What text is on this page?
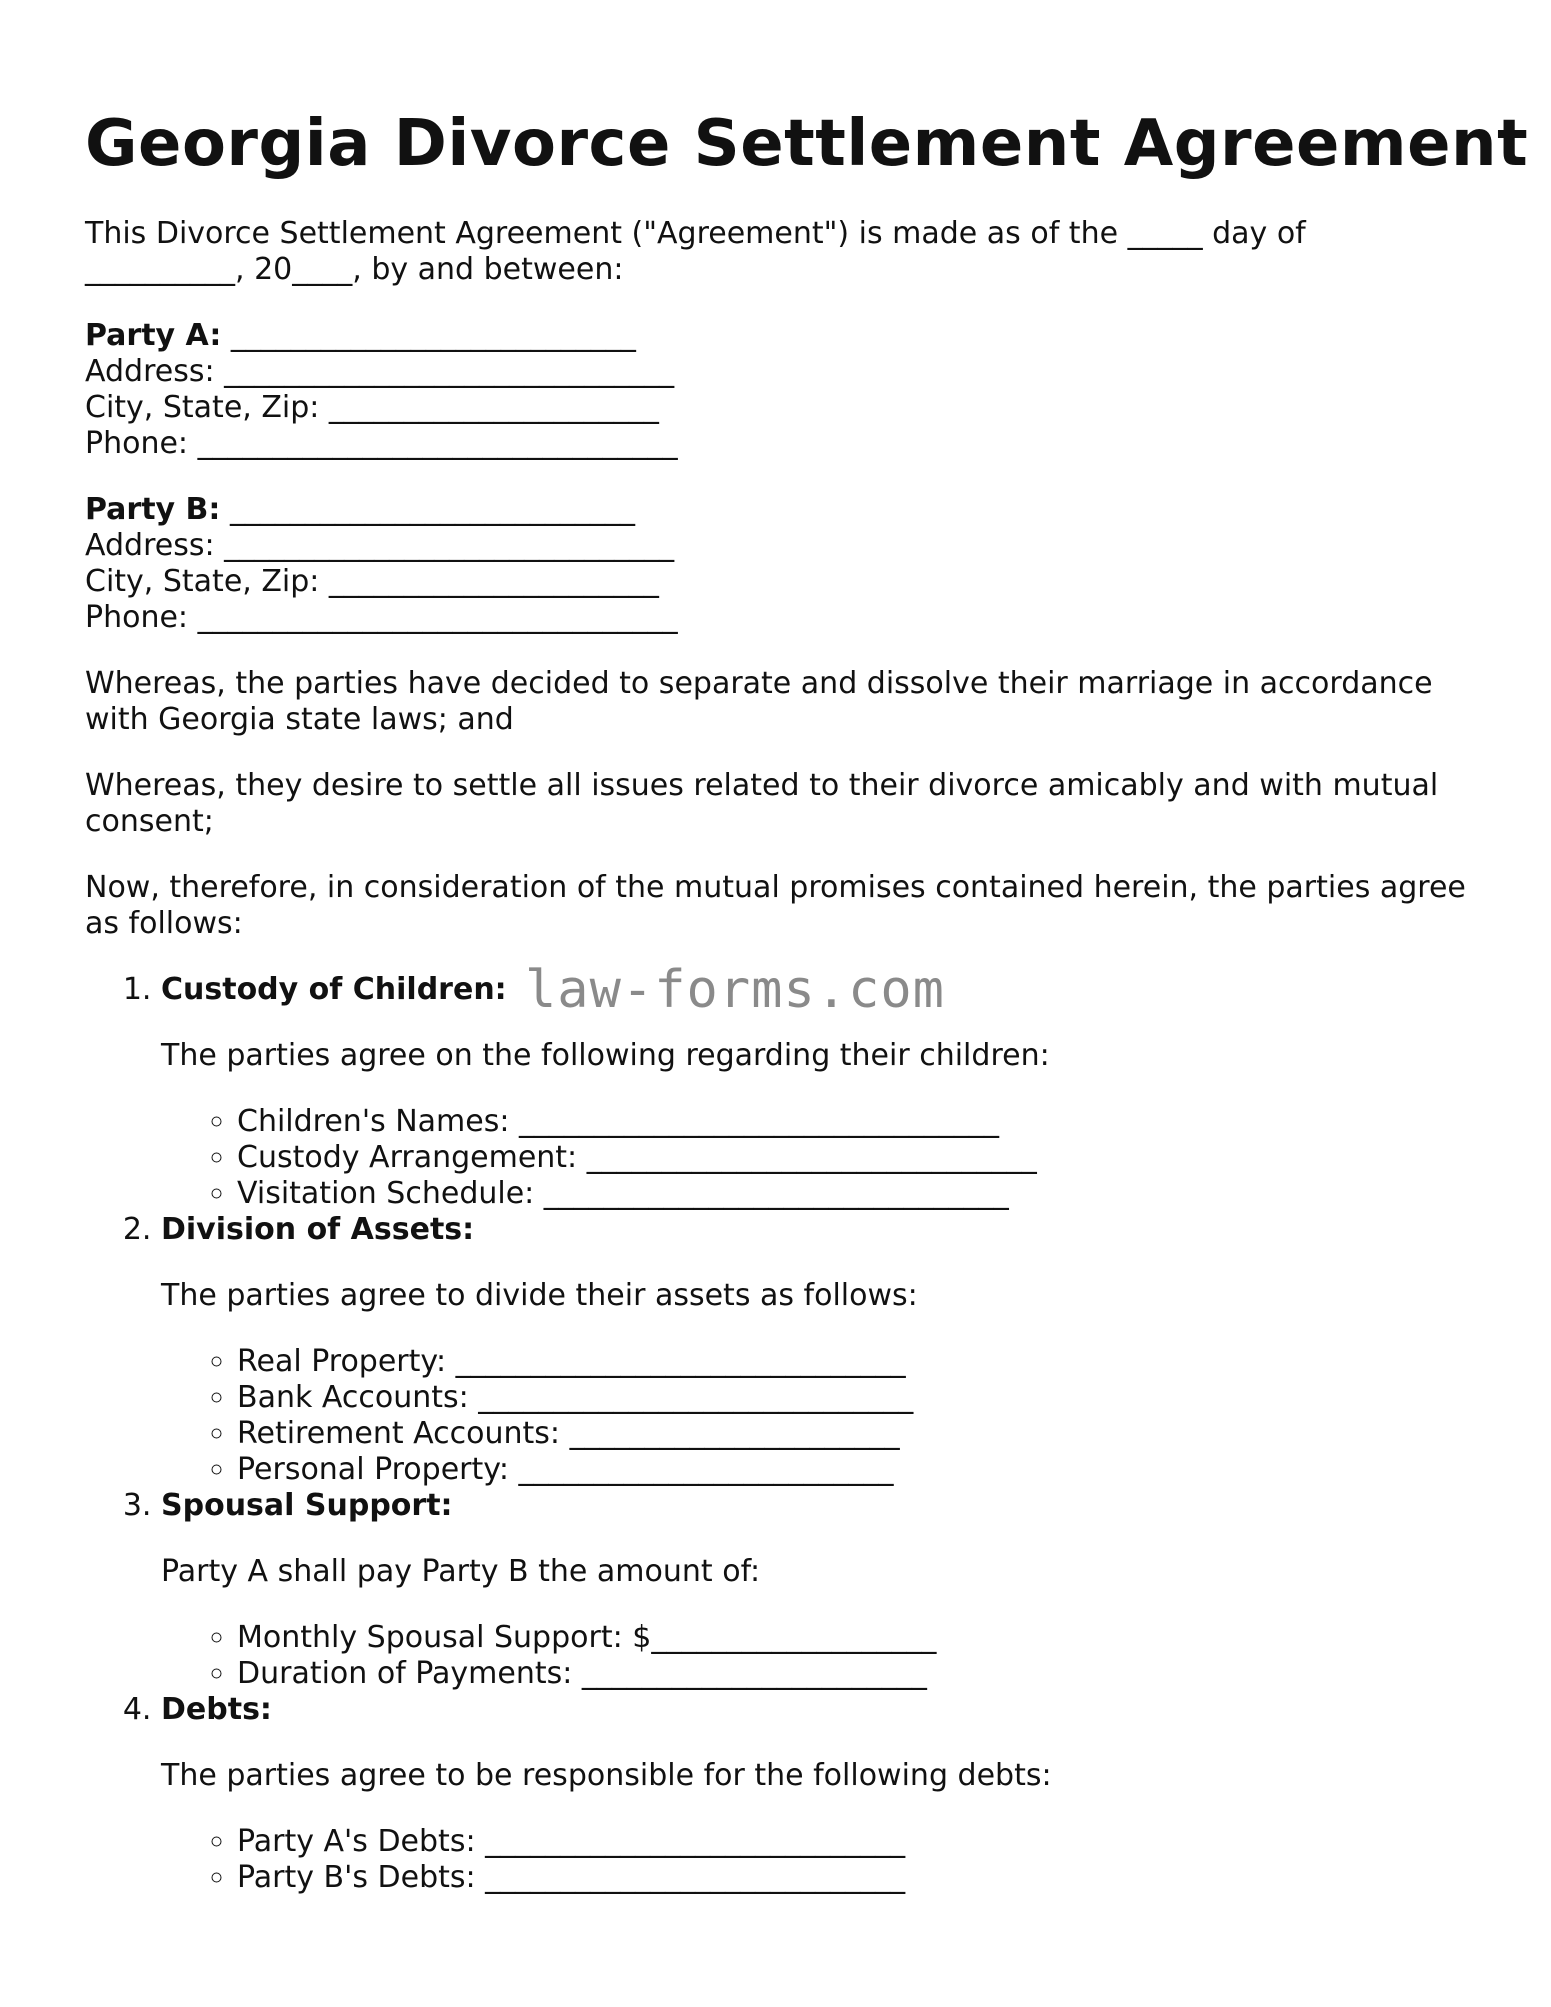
Georgia Divorce Settlement Agreement

This Divorce Settlement Agreement ("Agreement") is made as of the _____ day of
__________, 20____, by and between:

Party A: ___________________________
Address: ______________________________
City, State, Zip: ______________________
Phone: ________________________________
Party B: ___________________________
Address: ______________________________
City, State, Zip: ______________________
Phone: ________________________________

Whereas, the parties have decided to separate and dissolve their marriage in accordance with Georgia state laws; and

Whereas, they desire to settle all issues related to their divorce amicably and with mutual consent;

Now, therefore, in consideration of the mutual promises contained herein, the parties agree as follows:

1. Custody of Children: law-forms.com
The parties agree on the following regarding their children:
◦ Children's Names: ________________________________
◦ Custody Arrangement: ______________________________
◦ Visitation Schedule: _______________________________
2. Division of Assets:
The parties agree to divide their assets as follows:
◦ Real Property: ______________________________
◦ Bank Accounts: _____________________________
◦ Retirement Accounts: ______________________
◦ Personal Property: _________________________
3. Spousal Support:
Party A shall pay Party B the amount of:
◦ Monthly Spousal Support: $___________________
◦ Duration of Payments: _______________________
4. Debts:
The parties agree to be responsible for the following debts:
◦ Party A's Debts: ____________________________
◦ Party B's Debts: ____________________________
